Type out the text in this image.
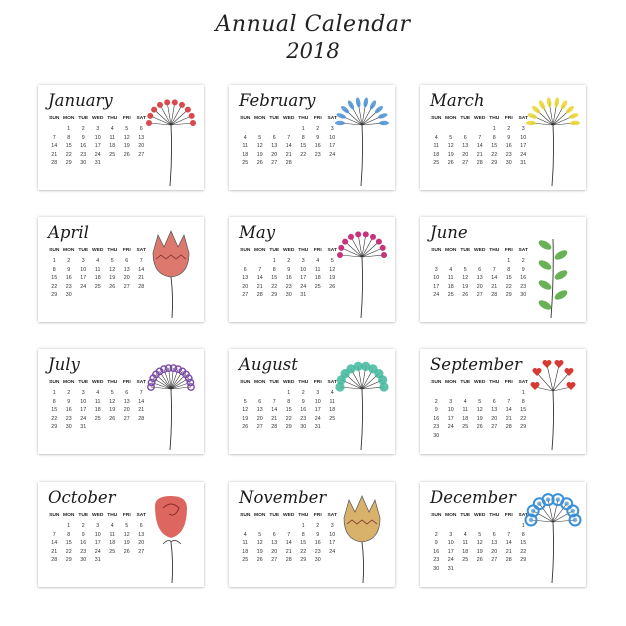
Annual Calendar
2018
January
SUN	MON	TUE	WED	THU	FRI	SAT
	1	2	3	4	5	6
7	8	9	10	11	12	13
14	15	16	17	18	19	20
21	22	23	24	25	26	27
28	29	30	31			
February
SUN	MON	TUE	WED	THU	FRI	SAT
				1	2	3
4	5	6	7	8	9	10
11	12	13	14	15	16	17
18	19	20	21	22	23	24
25	26	27	28			
March
SUN	MON	TUE	WED	THU	FRI	SAT
				1	2	3
4	5	6	7	8	9	10
11	12	13	14	15	16	17
18	19	20	21	22	23	24
25	26	27	28	29	30	31
April
SUN	MON	TUE	WED	THU	FRI	SAT
1	2	3	4	5	6	7
8	9	10	11	12	13	14
15	16	17	18	19	20	21
22	23	24	25	26	27	28
29	30					
May
SUN	MON	TUE	WED	THU	FRI	SAT
		1	2	3	4	5
6	7	8	9	10	11	12
13	14	15	16	17	18	19
20	21	22	23	24	25	26
27	28	29	30	31		
June
SUN	MON	TUE	WED	THU	FRI	SAT
					1	2
3	4	5	6	7	8	9
10	11	12	13	14	15	16
17	18	19	20	21	22	23
24	25	26	27	28	29	30
July
SUN	MON	TUE	WED	THU	FRI	SAT
1	2	3	4	5	6	7
8	9	10	11	12	13	14
15	16	17	18	19	20	21
22	23	24	25	26	27	28
29	30	31				
August
SUN	MON	TUE	WED	THU	FRI	SAT
			1	2	3	4
5	6	7	8	9	10	11
12	13	14	15	16	17	18
19	20	21	22	23	24	25
26	27	28	29	30	31	
September
SUN	MON	TUE	WED	THU	FRI	SAT
						1
2	3	4	5	6	7	8
9	10	11	12	13	14	15
16	17	18	19	20	21	22
23	24	25	26	27	28	29
30						
October
SUN	MON	TUE	WED	THU	FRI	SAT
	1	2	3	4	5	6
7	8	9	10	11	12	13
14	15	16	17	18	19	20
21	22	23	24	25	26	27
28	29	30	31			
November
SUN	MON	TUE	WED	THU	FRI	SAT
				1	2	3
4	5	6	7	8	9	10
11	12	13	14	15	16	17
18	19	20	21	22	23	24
25	26	27	28	29	30	
December
SUN	MON	TUE	WED	THU	FRI	SAT
						1
2	3	4	5	6	7	8
9	10	11	12	13	14	15
16	17	18	19	20	21	22
23	24	25	26	27	28	29
30	31					
